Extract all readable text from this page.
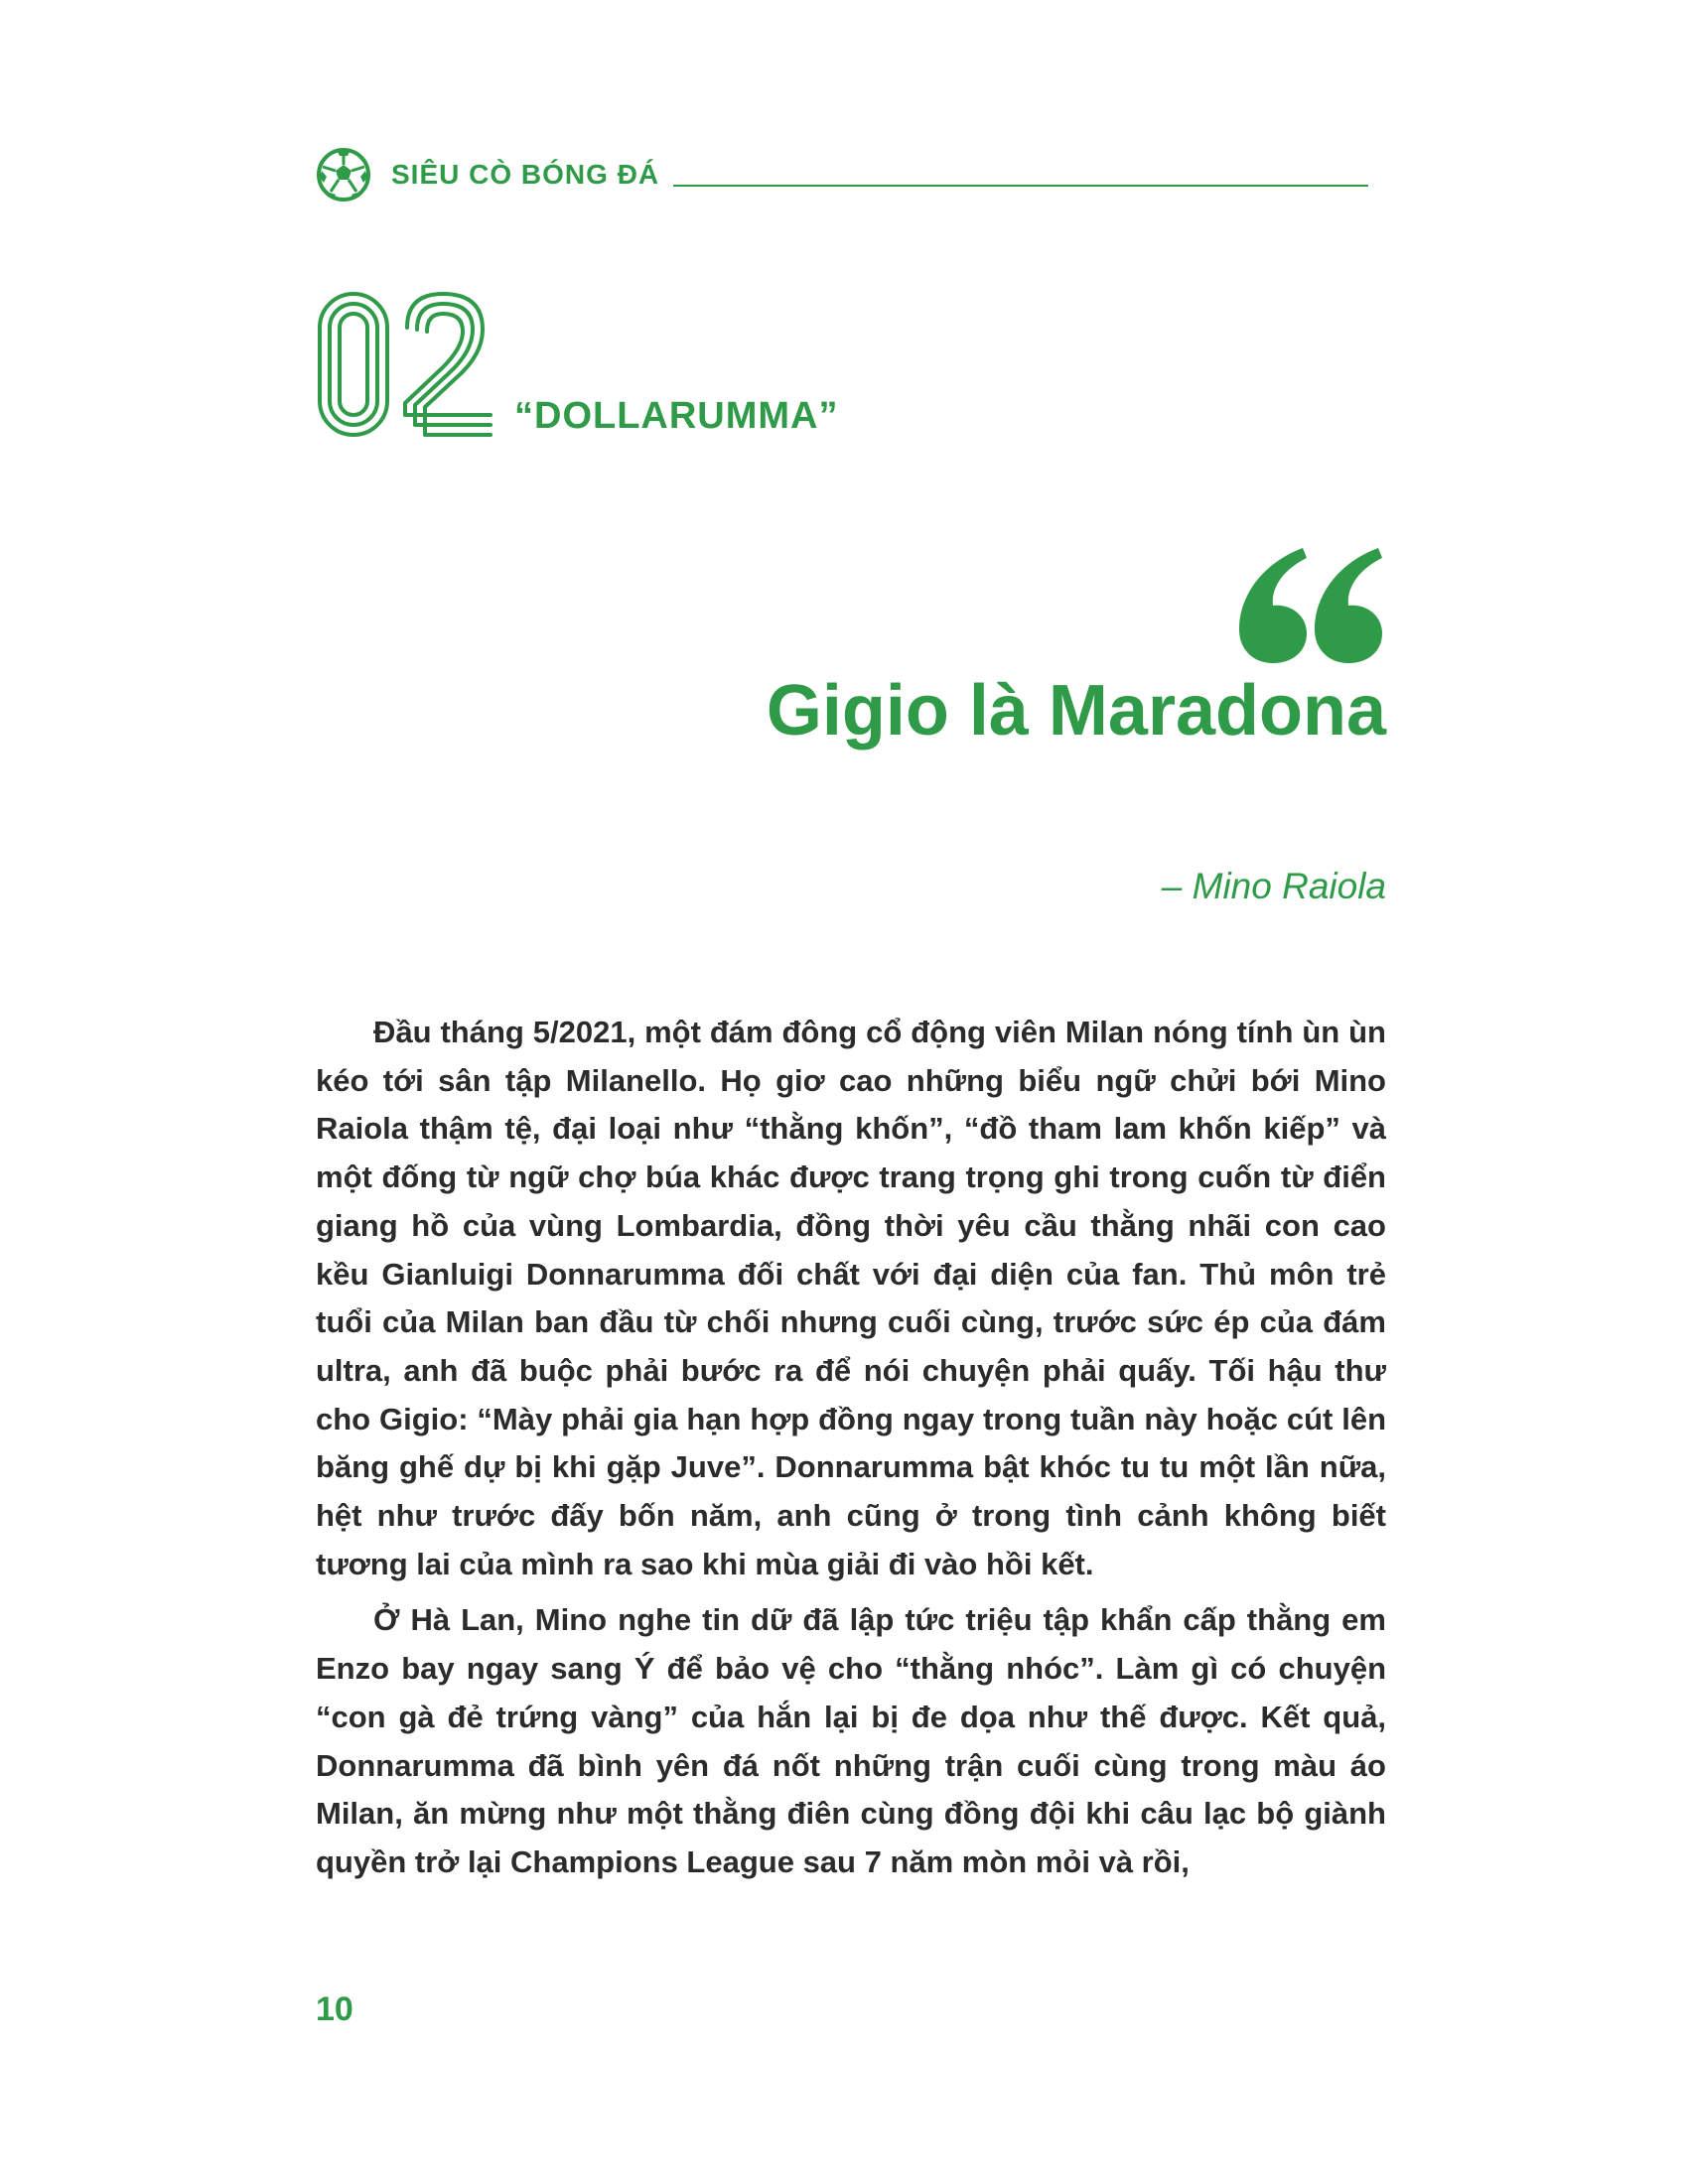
SIÊU CÒ BÓNG ĐÁ
“DOLLARUMMA”
Gigio là Maradona
– Mino Raiola

Đầu tháng 5/2021, một đám đông cổ động viên Milan nóng tính ùn ùn kéo tới sân tập Milanello. Họ giơ cao những biểu ngữ chửi bới Mino Raiola thậm tệ, đại loại như “thằng khốn”, “đồ tham lam khốn kiếp” và một đống từ ngữ chợ búa khác được trang trọng ghi trong cuốn từ điển giang hồ của vùng Lombardia, đồng thời yêu cầu thằng nhãi con cao kều Gianluigi Donnarumma đối chất với đại diện của fan. Thủ môn trẻ tuổi của Milan ban đầu từ chối nhưng cuối cùng, trước sức ép của đám ultra, anh đã buộc phải bước ra để nói chuyện phải quấy. Tối hậu thư cho Gigio: “Mày phải gia hạn hợp đồng ngay trong tuần này hoặc cút lên băng ghế dự bị khi gặp Juve”. Donnarumma bật khóc tu tu một lần nữa, hệt như trước đấy bốn năm, anh cũng ở trong tình cảnh không biết tương lai của mình ra sao khi mùa giải đi vào hồi kết.

Ở Hà Lan, Mino nghe tin dữ đã lập tức triệu tập khẩn cấp thằng em Enzo bay ngay sang Ý để bảo vệ cho “thằng nhóc”. Làm gì có chuyện “con gà đẻ trứng vàng” của hắn lại bị đe dọa như thế được. Kết quả, Donnarumma đã bình yên đá nốt những trận cuối cùng trong màu áo Milan, ăn mừng như một thằng điên cùng đồng đội khi câu lạc bộ giành quyền trở lại Champions League sau 7 năm mòn mỏi và rồi,

10
